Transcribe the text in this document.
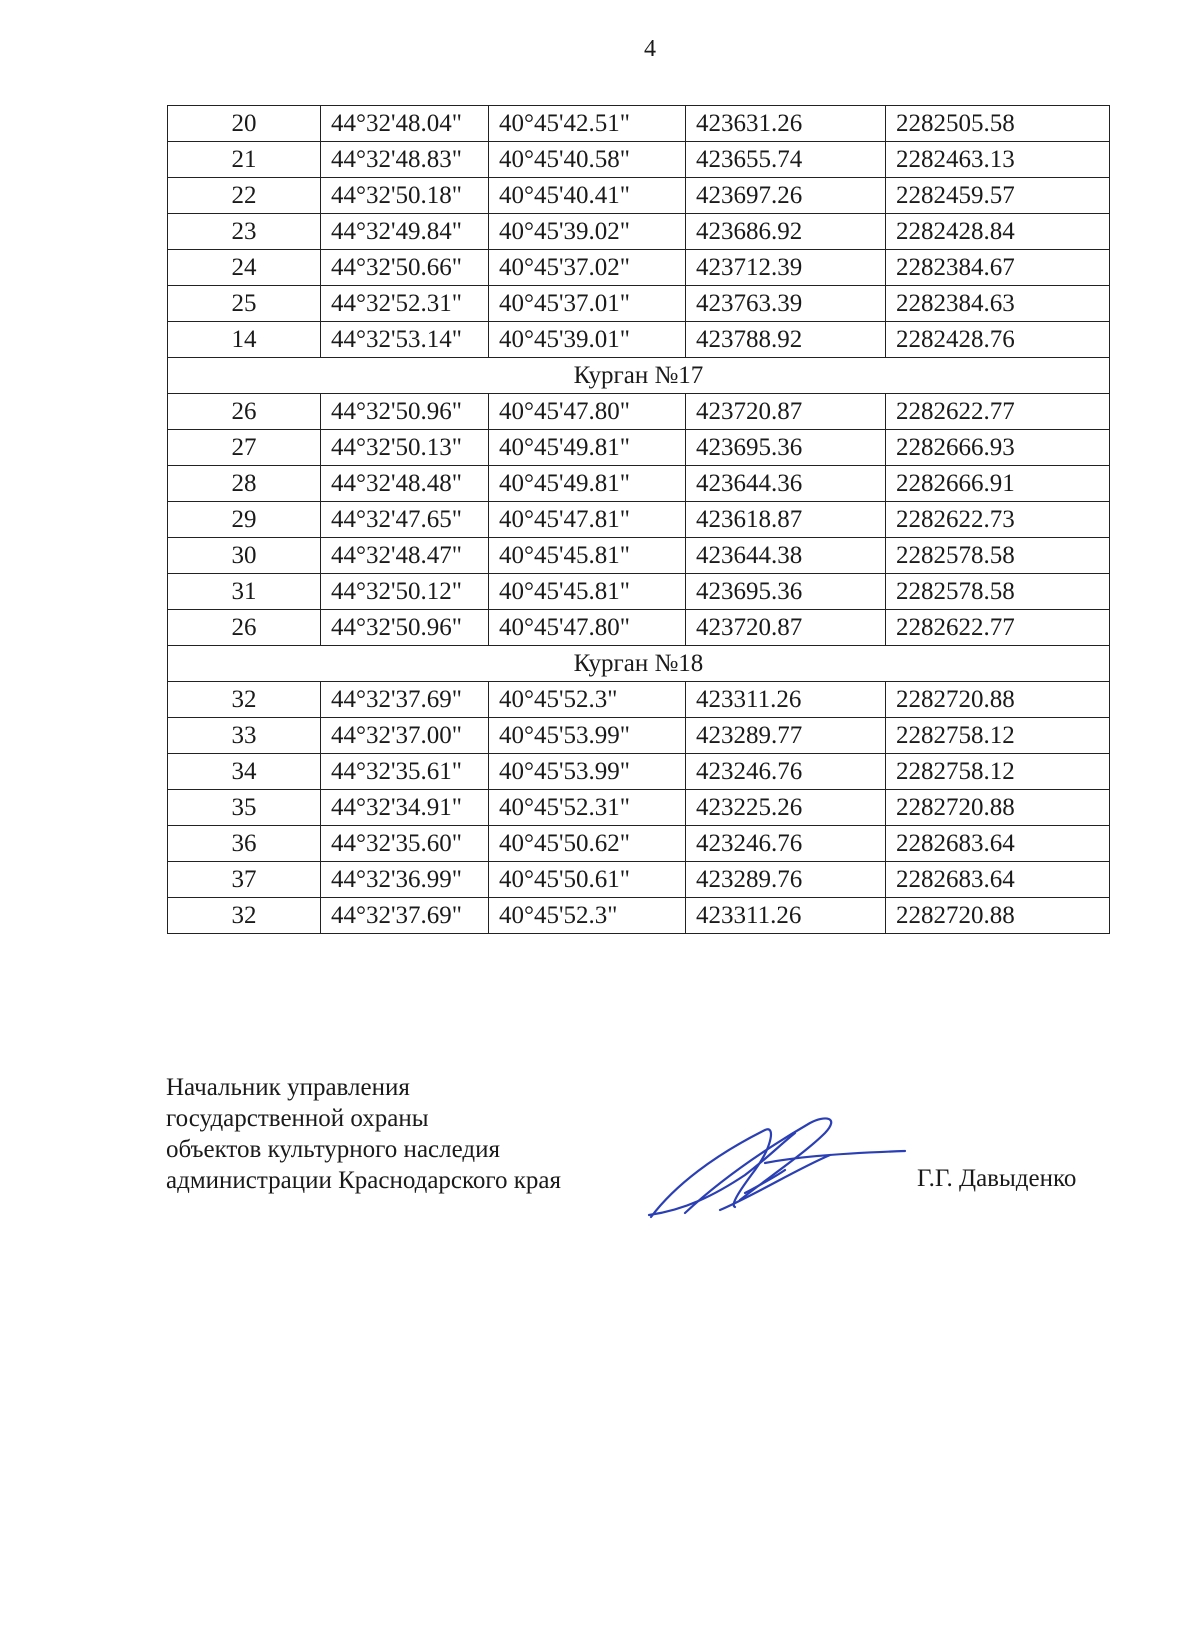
4
20	44°32'48.04"	40°45'42.51"	423631.26	2282505.58
21	44°32'48.83"	40°45'40.58"	423655.74	2282463.13
22	44°32'50.18"	40°45'40.41"	423697.26	2282459.57
23	44°32'49.84"	40°45'39.02"	423686.92	2282428.84
24	44°32'50.66"	40°45'37.02"	423712.39	2282384.67
25	44°32'52.31"	40°45'37.01"	423763.39	2282384.63
14	44°32'53.14"	40°45'39.01"	423788.92	2282428.76
Курган №17				
26	44°32'50.96"	40°45'47.80"	423720.87	2282622.77
27	44°32'50.13"	40°45'49.81"	423695.36	2282666.93
28	44°32'48.48"	40°45'49.81"	423644.36	2282666.91
29	44°32'47.65"	40°45'47.81"	423618.87	2282622.73
30	44°32'48.47"	40°45'45.81"	423644.38	2282578.58
31	44°32'50.12"	40°45'45.81"	423695.36	2282578.58
26	44°32'50.96"	40°45'47.80"	423720.87	2282622.77
Курган №18				
32	44°32'37.69"	40°45'52.3"	423311.26	2282720.88
33	44°32'37.00"	40°45'53.99"	423289.77	2282758.12
34	44°32'35.61"	40°45'53.99"	423246.76	2282758.12
35	44°32'34.91"	40°45'52.31"	423225.26	2282720.88
36	44°32'35.60"	40°45'50.62"	423246.76	2282683.64
37	44°32'36.99"	40°45'50.61"	423289.76	2282683.64
32	44°32'37.69"	40°45'52.3"	423311.26	2282720.88
Начальник управления
государственной охраны
объектов культурного наследия
администрации Краснодарского края	Г.Г. Давыденко
